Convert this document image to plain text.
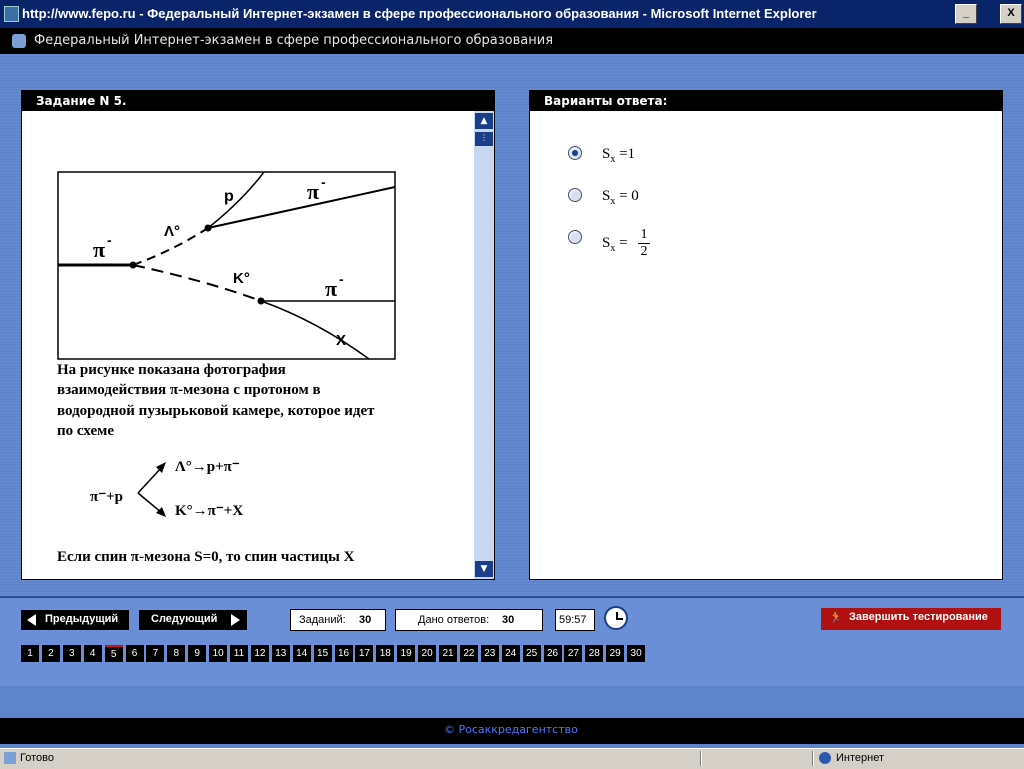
http://www.fepo.ru - Федеральный Интернет-экзамен в сфере профессионального образования - Microsoft Internet Explorer	_	X
Федеральный Интернет-экзамен в сфере профессионального образования
Задание N 5.
p	π -
Λ°
π -
K°	π -
X
На рисунке показана фотография
взаимодействия π-мезона с протоном в
водородной пузырьковой камере, которое идет
по схеме
π⁻+p
Λ°→p+π⁻
K°→π⁻+X
Если спин π-мезона S=0, то спин частицы X
▲
⋮
▼
Варианты ответа:
$S_x =1$
$S_x = 0$
$S_x$ =
1
2
Предыдущий	Следующий	Заданий: 30	Дано ответов: 30	59:57	🏃 Завершить тестирование
1	2	3	4	5	6	7	8	9	10	11	12 13 14 15 16 17 18 19 20 21 22 23 24 25 26 27 28 29 30
© Росаккредагентство
Готово	Интернет
